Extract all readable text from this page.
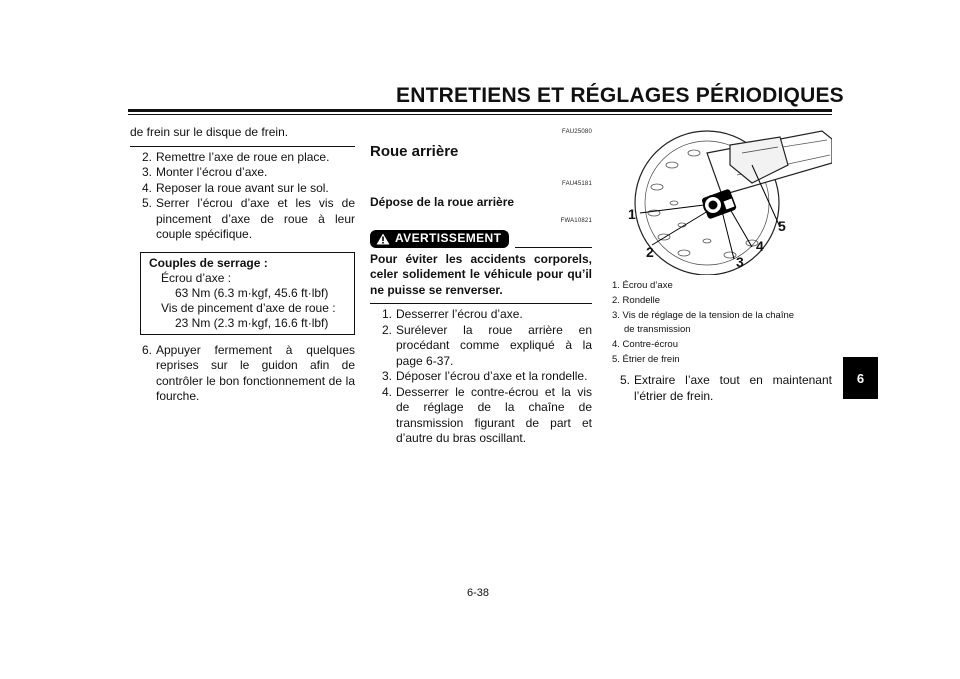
ENTRETIENS ET RÉGLAGES PÉRIODIQUES
6
de frein sur le disque de frein.
2. Remettre l’axe de roue en place.
3. Monter l’écrou d’axe.
4. Reposer la roue avant sur le sol.
5. Serrer l’écrou d’axe et les vis de pincement d’axe de roue à leur couple spécifique.
Couples de serrage :
Écrou d’axe :
63 Nm (6.3 m·kgf, 45.6 ft·lbf)
Vis de pincement d’axe de roue :
23 Nm (2.3 m·kgf, 16.6 ft·lbf)
6. Appuyer fermement à quelques reprises sur le guidon afin de contrôler le bon fonctionnement de la fourche.
FAU25080
Roue arrière
FAU45181
Dépose de la roue arrière
FWA10821
AVERTISSEMENT
Pour éviter les accidents corporels, celer solidement le véhicule pour qu’il ne puisse se renverser.
1. Desserrer l’écrou d’axe.
2. Surélever la roue arrière en procédant comme expliqué à la page 6-37.
3. Déposer l’écrou d’axe et la rondelle.
4. Desserrer le contre-écrou et la vis de réglage de la chaîne de transmission figurant de part et d’autre du bras oscillant.
1
2
3
4
5
1. Écrou d’axe
2. Rondelle
3. Vis de réglage de la tension de la chaîne
de transmission
4. Contre-écrou
5. Étrier de frein
5. Extraire l’axe tout en maintenant l’étrier de frein.
6-38
